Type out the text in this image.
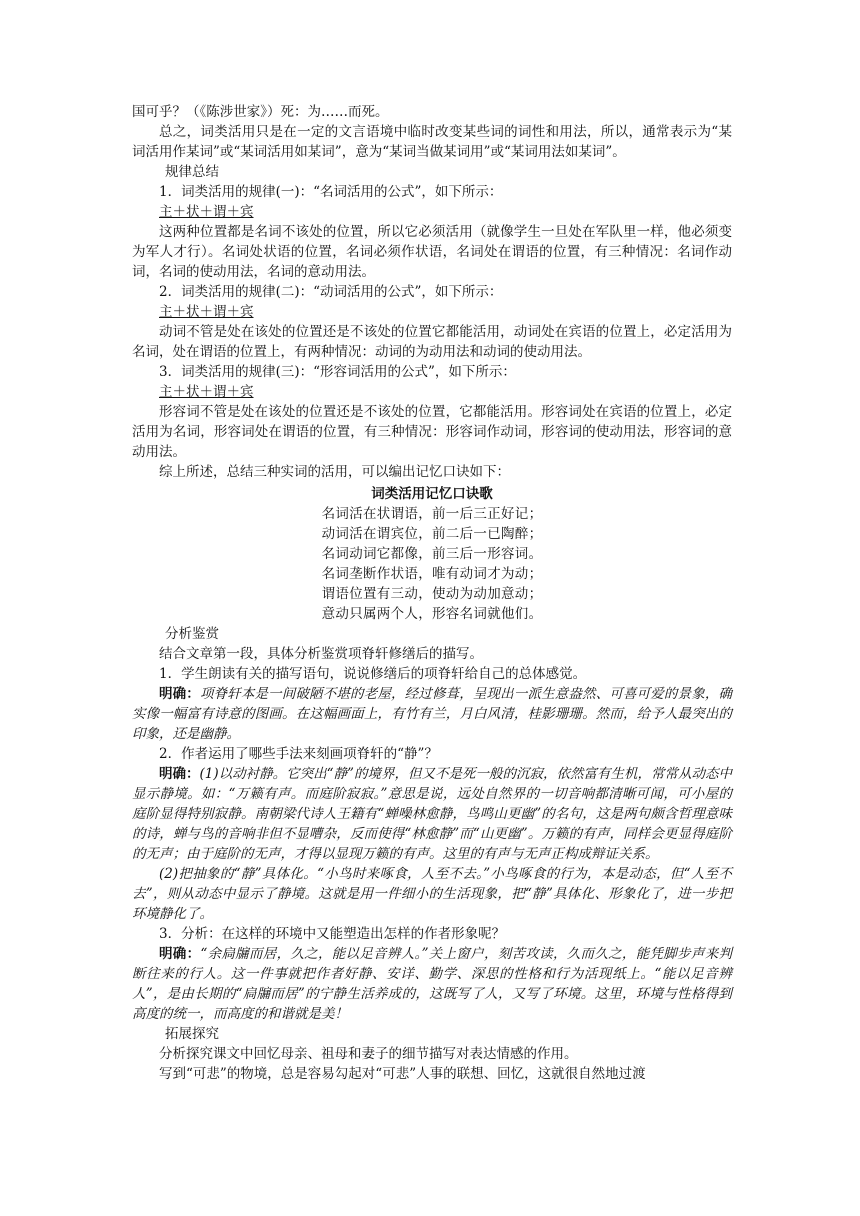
国可乎？（《陈涉世家》）死：为……而死。

总之，词类活用只是在一定的文言语境中临时改变某些词的词性和用法，所以，通常表示为“某词活用作某词”或“某词活用如某词”，意为“某词当做某词用”或“某词用法如某词”。

规律总结

1．词类活用的规律(一)：“名词活用的公式”，如下所示：

主＋状＋谓＋宾

这两种位置都是名词不该处的位置，所以它必须活用（就像学生一旦处在军队里一样，他必须变为军人才行）。名词处状语的位置，名词必须作状语，名词处在谓语的位置，有三种情况：名词作动词，名词的使动用法，名词的意动用法。

2．词类活用的规律(二)：“动词活用的公式”，如下所示：

主＋状＋谓＋宾

动词不管是处在该处的位置还是不该处的位置它都能活用，动词处在宾语的位置上，必定活用为名词，处在谓语的位置上，有两种情况：动词的为动用法和动词的使动用法。

3．词类活用的规律(三)：“形容词活用的公式”，如下所示：

主＋状＋谓＋宾

形容词不管是处在该处的位置还是不该处的位置，它都能活用。形容词处在宾语的位置上，必定活用为名词，形容词处在谓语的位置，有三种情况：形容词作动词，形容词的使动用法，形容词的意动用法。

综上所述，总结三种实词的活用，可以编出记忆口诀如下：

词类活用记忆口诀歌

名词活在状谓语，前一后三正好记；

动词活在谓宾位，前二后一已陶醉；

名词动词它都像，前三后一形容词。

名词垄断作状语，唯有动词才为动；

谓语位置有三动，使动为动加意动；

意动只属两个人，形容名词就他们。

分析鉴赏

结合文章第一段，具体分析鉴赏项脊轩修缮后的描写。

1．学生朗读有关的描写语句，说说修缮后的项脊轩给自己的总体感觉。

明确：项脊轩本是一间破陋不堪的老屋，经过修葺，呈现出一派生意盎然、可喜可爱的景象，确实像一幅富有诗意的图画。在这幅画面上，有竹有兰，月白风清，桂影珊珊。然而，给予人最突出的印象，还是幽静。

2．作者运用了哪些手法来刻画项脊轩的“静”？

明确：(1)以动衬静。它突出“静”的境界，但又不是死一般的沉寂，依然富有生机，常常从动态中显示静境。如：“万籁有声。而庭阶寂寂。”意思是说，远处自然界的一切音响都清晰可闻，可小屋的庭阶显得特别寂静。南朝梁代诗人王籍有“蝉噪林愈静，鸟鸣山更幽”的名句，这是两句颇含哲理意味的诗，蝉与鸟的音响非但不显嘈杂，反而使得“林愈静”而“山更幽”。万籁的有声，同样会更显得庭阶的无声；由于庭阶的无声，才得以显现万籁的有声。这里的有声与无声正构成辩证关系。

(2)把抽象的“静”具体化。“小鸟时来啄食，人至不去。”小鸟啄食的行为，本是动态，但“人至不去”，则从动态中显示了静境。这就是用一件细小的生活现象，把“静”具体化、形象化了，进一步把环境静化了。

3．分析：在这样的环境中又能塑造出怎样的作者形象呢？

明确：“余扃牖而居，久之，能以足音辨人。”关上窗户，刻苦攻读，久而久之，能凭脚步声来判断往来的行人。这一件事就把作者好静、安详、勤学、深思的性格和行为活现纸上。“能以足音辨人”，是由长期的“扃牖而居”的宁静生活养成的，这既写了人，又写了环境。这里，环境与性格得到高度的统一，而高度的和谐就是美！

拓展探究

分析探究课文中回忆母亲、祖母和妻子的细节描写对表达情感的作用。

写到“可悲”的物境，总是容易勾起对“可悲”人事的联想、回忆，这就很自然地过渡
